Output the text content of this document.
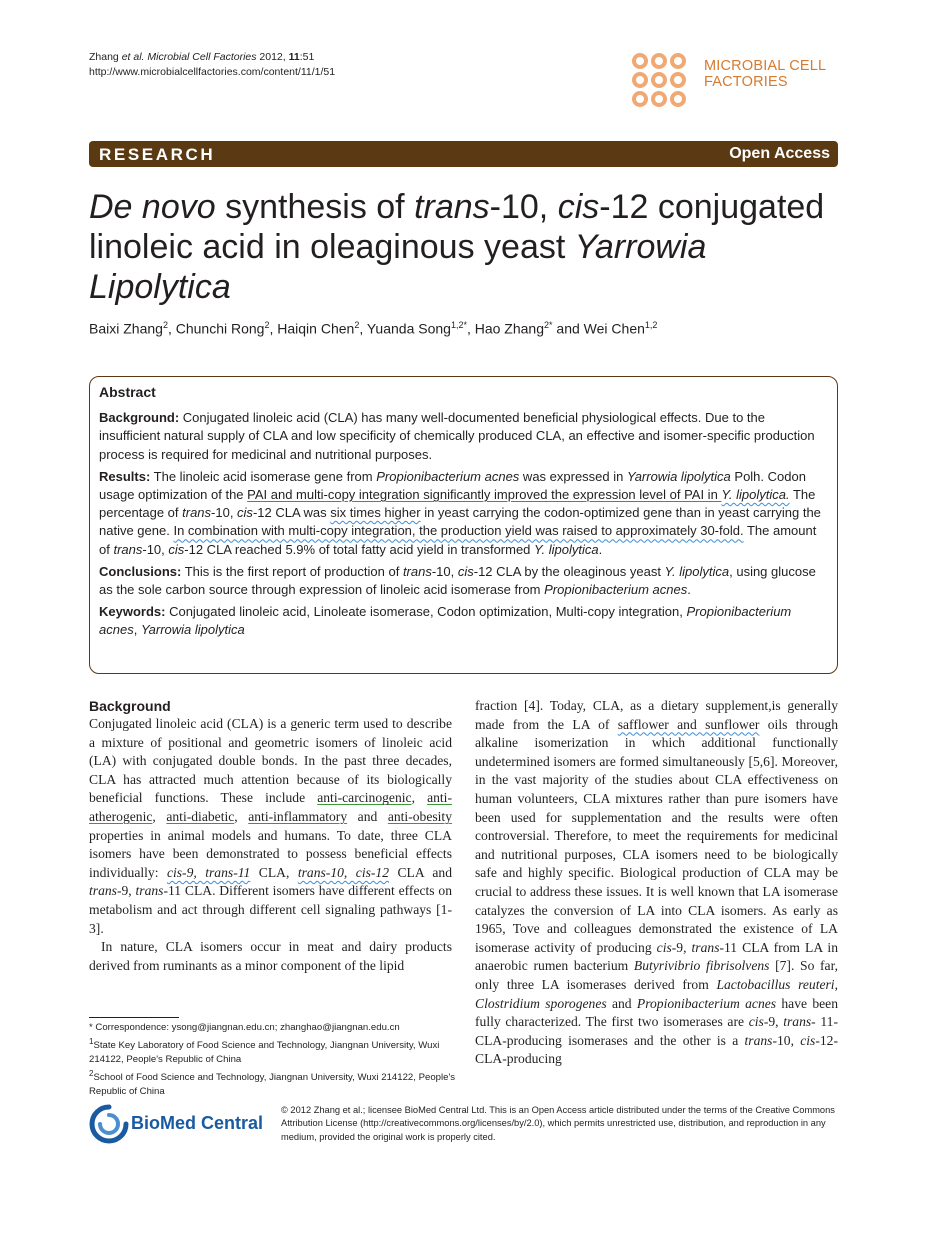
Zhang et al. Microbial Cell Factories 2012, 11:51
http://www.microbialcellfactories.com/content/11/1/51	MICROBIAL CELL
FACTORIES
RESEARCH	Open Access
De novo synthesis of trans-10, cis-12 conjugated linoleic acid in oleaginous yeast Yarrowia Lipolytica
Baixi Zhang$^2$, Chunchi Rong$^2$, Haiqin Chen$^2$, Yuanda Song$^{1,2*}$, Hao Zhang$^{2*}$ and Wei Chen$^{1,2}$
Abstract

Background: Conjugated linoleic acid (CLA) has many well-documented beneficial physiological effects. Due to the insufficient natural supply of CLA and low specificity of chemically produced CLA, an effective and isomer-specific production process is required for medicinal and nutritional purposes.

Results: The linoleic acid isomerase gene from Propionibacterium acnes was expressed in Yarrowia lipolytica Polh. Codon usage optimization of the PAI and multi-copy integration significantly improved the expression level of PAI in Y. lipolytica. The percentage of trans-10, cis-12 CLA was six times higher in yeast carrying the codon-optimized gene than in yeast carrying the native gene. In combination with multi-copy integration, the production yield was raised to approximately 30-fold. The amount of trans-10, cis-12 CLA reached 5.9% of total fatty acid yield in transformed Y. lipolytica.

Conclusions: This is the first report of production of trans-10, cis-12 CLA by the oleaginous yeast Y. lipolytica, using glucose as the sole carbon source through expression of linoleic acid isomerase from Propionibacterium acnes.

Keywords: Conjugated linoleic acid, Linoleate isomerase, Codon optimization, Multi-copy integration, Propionibacterium acnes, Yarrowia lipolytica

Background

Conjugated linoleic acid (CLA) is a generic term used to describe a mixture of positional and geometric isomers of linoleic acid (LA) with conjugated double bonds. In the past three decades, CLA has attracted much attention because of its biologically beneficial functions. These include anti-carcinogenic, anti-atherogenic, anti-diabetic, anti-inflammatory and anti-obesity properties in animal models and humans. To date, three CLA isomers have been demonstrated to possess beneficial effects individually: cis-9, trans-11 CLA, trans-10, cis-12 CLA and trans-9, trans-11 CLA. Different isomers have different effects on metabolism and act through different cell signaling pathways [1-3].

In nature, CLA isomers occur in meat and dairy products derived from ruminants as a minor component of the lipid

fraction [4]. Today, CLA, as a dietary supplement,is generally made from the LA of safflower and sunflower oils through alkaline isomerization in which additional functionally undetermined isomers are formed simultaneously [5,6]. Moreover, in the vast majority of the studies about CLA effectiveness on human volunteers, CLA mixtures rather than pure isomers have been used for supplementation and the results were often controversial. Therefore, to meet the requirements for medicinal and nutritional purposes, CLA isomers need to be biologically safe and highly specific. Biological production of CLA may be crucial to address these issues. It is well known that LA isomerase catalyzes the conversion of LA into CLA isomers. As early as 1965, Tove and colleagues demonstrated the existence of LA isomerase activity of producing cis-9, trans-11 CLA from LA in anaerobic rumen bacterium Butyrivibrio fibrisolvens [7]. So far, only three LA isomerases derived from Lactobacillus reuteri, Clostridium sporogenes and Propionibacterium acnes have been fully characterized. The first two isomerases are cis-9, trans- 11-CLA-producing isomerases and the other is a trans-10, cis-12-CLA-producing

* Correspondence: ysong@jiangnan.edu.cn; zhanghao@jiangnan.edu.cn

$^1$State Key Laboratory of Food Science and Technology, Jiangnan University, Wuxi 214122, People's Republic of China

$^2$School of Food Science and Technology, Jiangnan University, Wuxi 214122, People's Republic of China

BioMed Central
© 2012 Zhang et al.; licensee BioMed Central Ltd. This is an Open Access article distributed under the terms of the Creative Commons Attribution License (http://creativecommons.org/licenses/by/2.0), which permits unrestricted use, distribution, and reproduction in any medium, provided the original work is properly cited.
